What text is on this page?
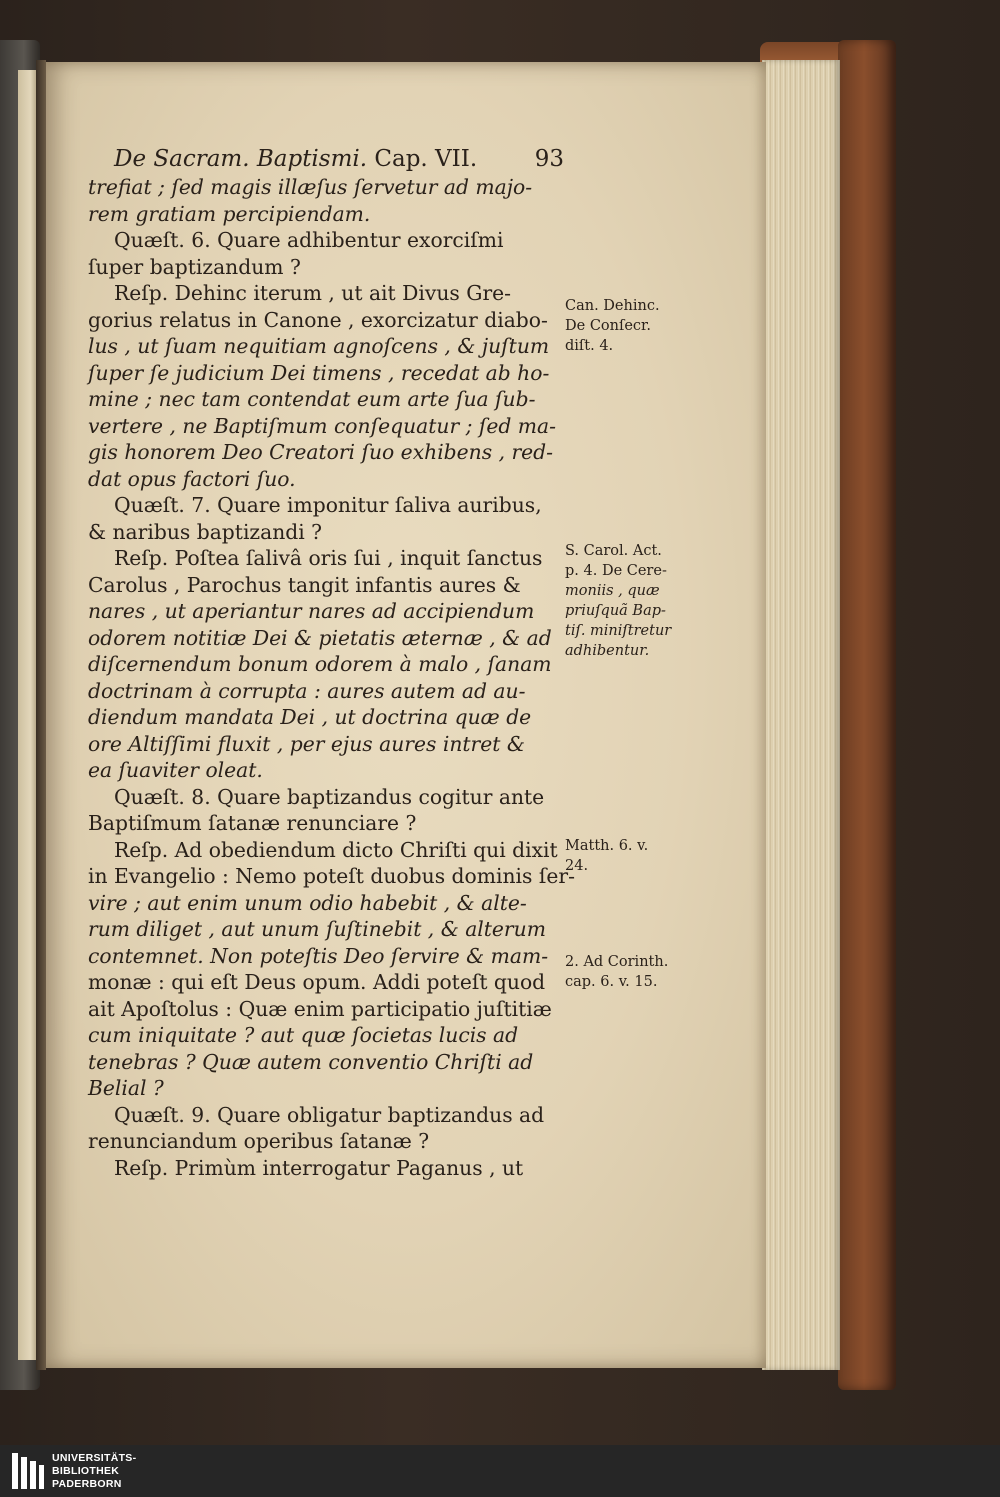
De Sacram. Baptismi. Cap. VII.	93
trefiat ; ſed magis illæſus ſervetur ad majo-
rem gratiam percipiendam.
Quæſt. 6. Quare adhibentur exorciſmi
ſuper baptizandum ?
Reſp. Dehinc iterum , ut ait Divus Gre-
gorius relatus in Canone , exorcizatur diabo-
lus , ut ſuam nequitiam agnoſcens , & juſtum
ſuper ſe judicium Dei timens , recedat ab ho-
mine ; nec tam contendat eum arte ſua ſub-
vertere , ne Baptiſmum conſequatur ; ſed ma-
gis honorem Deo Creatori ſuo exhibens , red-
dat opus factori ſuo.
Quæſt. 7. Quare imponitur ſaliva auribus,
& naribus baptizandi ?
Reſp. Poſtea ſalivâ oris ſui , inquit ſanctus
Carolus , Parochus tangit infantis aures &
nares , ut aperiantur nares ad accipiendum
odorem notitiæ Dei & pietatis æternæ , & ad
diſcernendum bonum odorem à malo , ſanam
doctrinam à corrupta : aures autem ad au-
diendum mandata Dei , ut doctrina quæ de
ore Altiſſimi fluxit , per ejus aures intret &
ea ſuaviter oleat.
Quæſt. 8. Quare baptizandus cogitur ante
Baptiſmum ſatanæ renunciare ?
Reſp. Ad obediendum dicto Chriſti qui dixit
in Evangelio : Nemo poteſt duobus dominis ſer-
vire ; aut enim unum odio habebit , & alte-
rum diliget , aut unum ſuſtinebit , & alterum
contemnet. Non poteſtis Deo ſervire & mam-
monæ : qui eſt Deus opum. Addi poteſt quod
ait Apoſtolus : Quæ enim participatio juſtitiæ
cum iniquitate ? aut quæ ſocietas lucis ad
tenebras ? Quæ autem conventio Chriſti ad
Belial ?
Quæſt. 9. Quare obligatur baptizandus ad
renunciandum operibus ſatanæ ?
Reſp. Primùm interrogatur Paganus , ut
Can. Dehinc.
De Conſecr.
diſt. 4.
S. Carol. Act.
p. 4. De Cere-
moniis , quæ
priuſquã Bap-
tiſ. miniſtretur
adhibentur.
Matth. 6. v.
24.
2. Ad Corinth.
cap. 6. v. 15.
UNIVERSITÄTS-
BIBLIOTHEK
PADERBORN
